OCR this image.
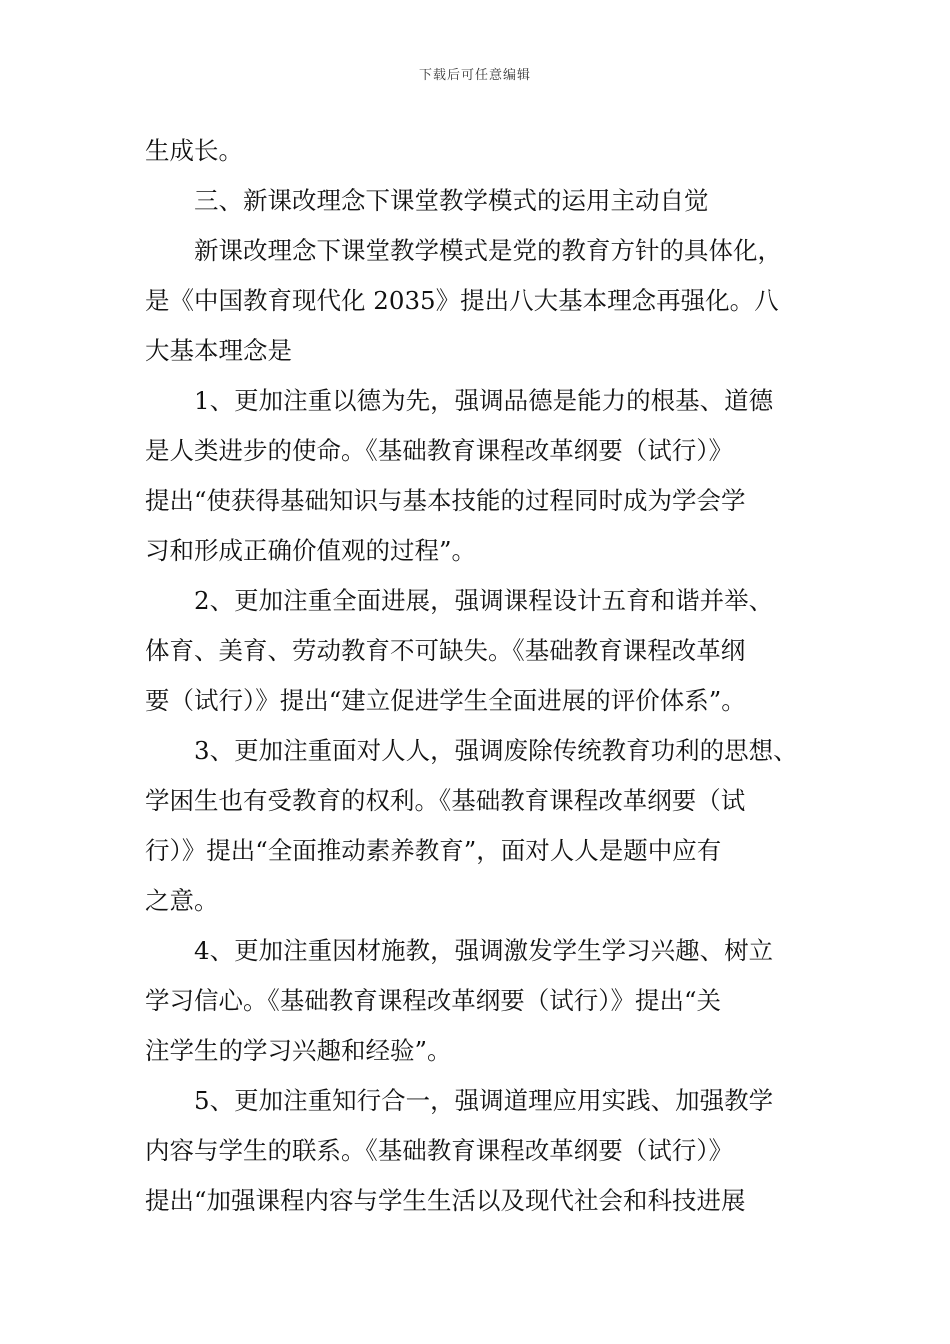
下载后可任意编辑
生成长。
三、新课改理念下课堂教学模式的运用主动自觉
新课改理念下课堂教学模式是党的教育方针的具体化，
是《中国教育现代化 2035》提出八大基本理念再强化。八
大基本理念是
1、更加注重以德为先，强调品德是能力的根基、道德
是人类进步的使命。《基础教育课程改革纲要（试行）》
提出“使获得基础知识与基本技能的过程同时成为学会学
习和形成正确价值观的过程”。
2、更加注重全面进展，强调课程设计五育和谐并举、
体育、美育、劳动教育不可缺失。《基础教育课程改革纲
要（试行）》提出“建立促进学生全面进展的评价体系”。
3、更加注重面对人人，强调废除传统教育功利的思想、
学困生也有受教育的权利。《基础教育课程改革纲要（试
行）》提出“全面推动素养教育”，面对人人是题中应有
之意。
4、更加注重因材施教，强调激发学生学习兴趣、树立
学习信心。《基础教育课程改革纲要（试行）》提出“关
注学生的学习兴趣和经验”。
5、更加注重知行合一，强调道理应用实践、加强教学
内容与学生的联系。《基础教育课程改革纲要（试行）》
提出“加强课程内容与学生生活以及现代社会和科技进展
